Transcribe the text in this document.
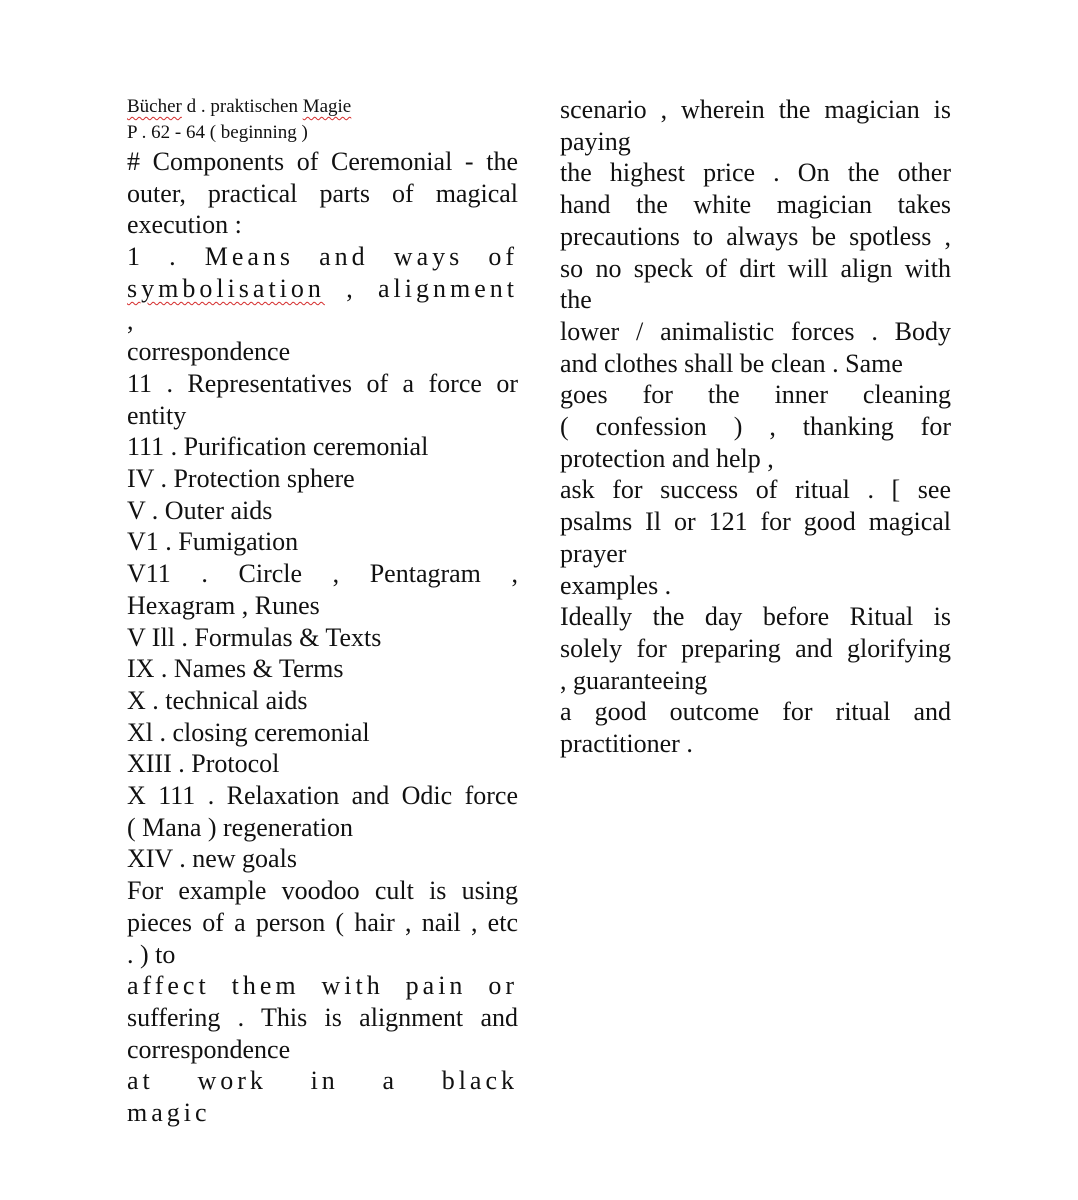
Bücher d . praktischen Magie
P . 62 - 64 ( beginning )
# Components of Ceremonial - the
outer, practical parts of magical
execution :
1 . Means and ways of
symbolisation , alignment ,
correspondence
11 . Representatives of a force or
entity
111 . Purification ceremonial
IV . Protection sphere
V . Outer aids
V1 . Fumigation
V11 . Circle , Pentagram ,
Hexagram , Runes
V Ill . Formulas & Texts
IX . Names & Terms
X . technical aids
Xl . closing ceremonial
XIII . Protocol
X 111 . Relaxation and Odic force
( Mana ) regeneration
XIV . new goals
For example voodoo cult is using
pieces of a person ( hair , nail , etc
. ) to
affect them with pain or
suffering . This is alignment and
correspondence
at work in a black magic
scenario , wherein the magician is
paying
the highest price . On the other
hand the white magician takes
precautions to always be spotless ,
so no speck of dirt will align with
the
lower / animalistic forces . Body
and clothes shall be clean . Same
goes for the inner cleaning
( confession ) , thanking for
protection and help ,
ask for success of ritual . [ see
psalms Il or 121 for good magical
prayer
examples .
Ideally the day before Ritual is
solely for preparing and glorifying
, guaranteeing
a good outcome for ritual and
practitioner .
